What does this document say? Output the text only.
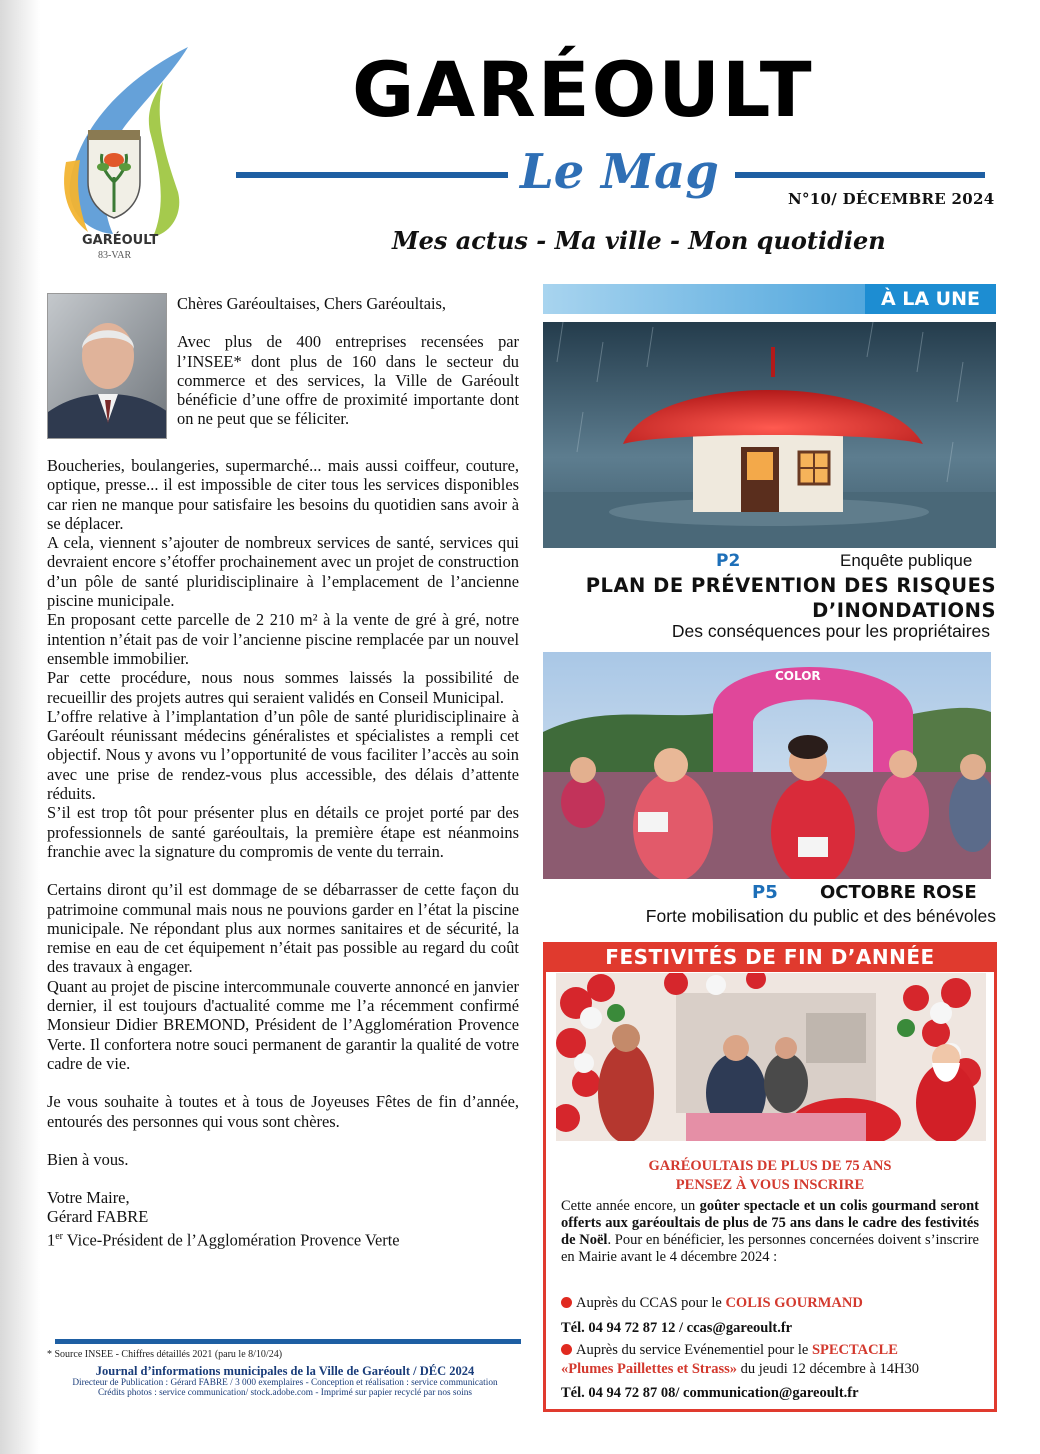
GARÉOULT
83-VAR
GARÉOULT
Le Mag	N°10/ DÉCEMBRE 2024
Mes actus - Ma ville - Mon quotidien

Chères Garéoultaises, Chers Garéoultais,

Avec plus de 400 entreprises recensées par l’INSEE* dont plus de 160 dans le secteur du commerce et des services, la Ville de Garéoult bénéficie d’une offre de proximité importante dont on ne peut que se féliciter.

Boucheries, boulangeries, supermarché... mais aussi coiffeur, couture, optique, presse... il est impossible de citer tous les services disponibles car rien ne manque pour satisfaire les besoins du quotidien sans avoir à se déplacer.

A cela, viennent s’ajouter de nombreux services de santé, services qui devraient encore s’étoffer prochainement avec un projet de construction d’un pôle de santé pluridisciplinaire à l’emplacement de l’ancienne piscine municipale.

En proposant cette parcelle de 2 210 m² à la vente de gré à gré, notre intention n’était pas de voir l’ancienne piscine remplacée par un nouvel ensemble immobilier.

Par cette procédure, nous nous sommes laissés la possibilité de recueillir des projets autres qui seraient validés en Conseil Municipal.

L’offre relative à l’implantation d’un pôle de santé pluridisciplinaire à Garéoult réunissant médecins généralistes et spécialistes a rempli cet objectif. Nous y avons vu l’opportunité de vous faciliter l’accès au soin avec une prise de rendez-vous plus accessible, des délais d’attente réduits.

S’il est trop tôt pour présenter plus en détails ce projet porté par des professionnels de santé garéoultais, la première étape est néanmoins franchie avec la signature du compromis de vente du terrain.

Certains diront qu’il est dommage de se débarrasser de cette façon du patrimoine communal mais nous ne pouvions garder en l’état la piscine municipale. Ne répondant plus aux normes sanitaires et de sécurité, la remise en eau de cet équipement n’était pas possible au regard du coût des travaux à engager.

Quant au projet de piscine intercommunale couverte annoncé en janvier dernier, il est toujours d'actualité comme me l’a récemment confirmé Monsieur Didier BREMOND, Président de l’Agglomération Provence Verte. Il confortera notre souci permanent de garantir la qualité de votre cadre de vie.

Je vous souhaite à toutes et à tous de Joyeuses Fêtes de fin d’année, entourés des personnes qui vous sont chères.

Bien à vous.

Votre Maire,

Gérard FABRE

1er Vice-Président de l’Agglomération Provence Verte

* Source INSEE - Chiffres détaillés 2021 (paru le 8/10/24)
Journal d’informations municipales de la Ville de Garéoult / DÉC 2024
Directeur de Publication : Gérard FABRE / 3 000 exemplaires - Conception et réalisation : service communication
Crédits photos : service communication/ stock.adobe.com - Imprimé sur papier recyclé par nos soins
À LA UNE
P2	Enquête publique
PLAN DE PRÉVENTION DES RISQUES
D’INONDATIONS
Des conséquences pour les propriétaires
COLOR
P5 OCTOBRE ROSE
Forte mobilisation du public et des bénévoles
FESTIVITÉS DE FIN D’ANNÉE
GARÉOULTAIS DE PLUS DE 75 ANS
PENSEZ À VOUS INSCRIRE
Cette année encore, un goûter spectacle et un colis gourmand seront offerts aux garéoultais de plus de 75 ans dans le cadre des festivités de Noël. Pour en bénéficier, les personnes concernées doivent s’inscrire en Mairie avant le 4 décembre 2024 :
Auprès du CCAS pour le COLIS GOURMAND
Tél. 04 94 72 87 12 / ccas@gareoult.fr
Auprès du service Evénementiel pour le SPECTACLE
«Plumes Paillettes et Strass» du jeudi 12 décembre à 14H30
Tél. 04 94 72 87 08/ communication@gareoult.fr
